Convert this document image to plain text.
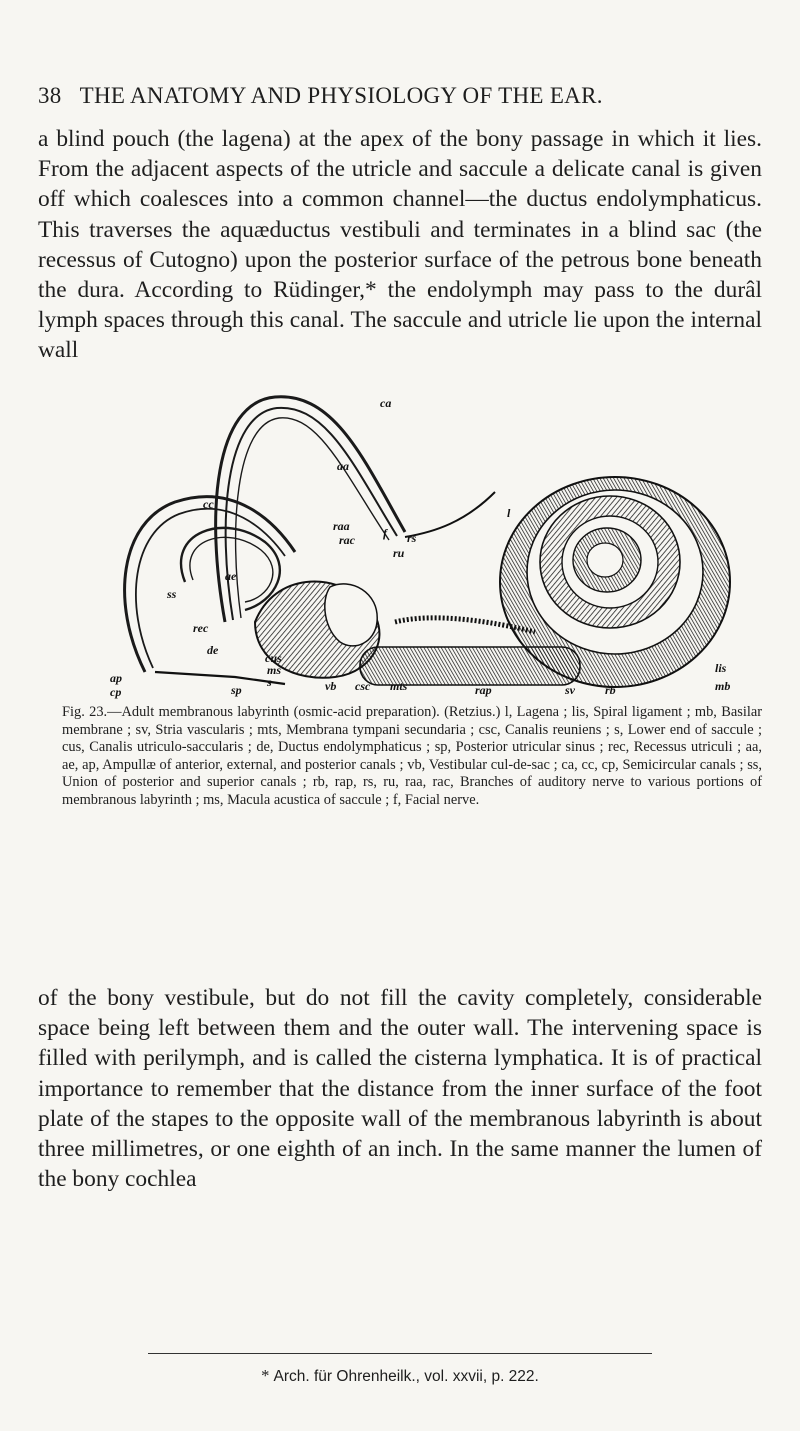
38 THE ANATOMY AND PHYSIOLOGY OF THE EAR.

a blind pouch (the lagena) at the apex of the bony passage in which it lies. From the adjacent aspects of the utricle and saccule a delicate canal is given off which coalesces into a common channel—the ductus endolymphaticus. This traverses the aquæductus vestibuli and terminates in a blind sac (the recessus of Cutogno) upon the posterior surface of the petrous bone beneath the dura. According to Rüdinger,* the endolymph may pass to the durâl lymph spaces through this canal. The saccule and utricle lie upon the internal wall

ca
aa
cc
raa
rac f rs
ru
l
ae
ss
rec
de
cus
ms
s
sp
ap
cp
lis
mb
vb csc mts	rap	sv	rb

Fig. 23.—Adult membranous labyrinth (osmic-acid preparation). (Retzius.) l, Lagena ; lis, Spiral ligament ; mb, Basilar membrane ; sv, Stria vascularis ; mts, Membrana tympani secundaria ; csc, Canalis reuniens ; s, Lower end of saccule ; cus, Canalis utriculo-saccularis ; de, Ductus endolymphaticus ; sp, Posterior utricular sinus ; rec, Recessus utriculi ; aa, ae, ap, Ampullæ of anterior, external, and posterior canals ; vb, Vestibular cul-de-sac ; ca, cc, cp, Semicircular canals ; ss, Union of posterior and superior canals ; rb, rap, rs, ru, raa, rac, Branches of auditory nerve to various portions of membranous labyrinth ; ms, Macula acustica of saccule ; f, Facial nerve.

of the bony vestibule, but do not fill the cavity completely, considerable space being left between them and the outer wall. The intervening space is filled with perilymph, and is called the cisterna lymphatica. It is of practical importance to remember that the distance from the inner surface of the foot plate of the stapes to the opposite wall of the membranous labyrinth is about three millimetres, or one eighth of an inch. In the same manner the lumen of the bony cochlea

* Arch. für Ohrenheilk., vol. xxvii, p. 222.
